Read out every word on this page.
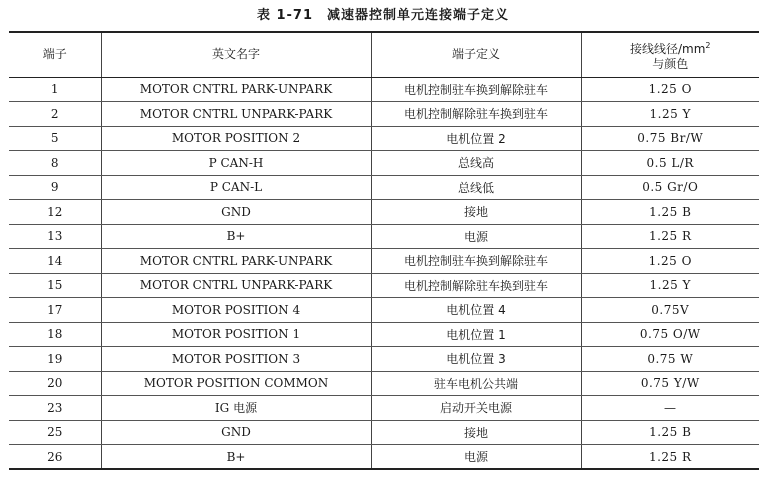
表 1-71 减速器控制单元连接端子定义
端子	英文名字	端子定义	接线线径$/mm^2$
与颜色
1	MOTOR CNTRL PARK-UNPARK	电机控制驻车换到解除驻车	1.25 O
2	MOTOR CNTRL UNPARK-PARK	电机控制解除驻车换到驻车	1.25 Y
5	MOTOR POSITION 2	电机位置 2	0.75 Br/W
8	P CAN-H	总线高	0.5 L/R
9	P CAN-L	总线低	0.5 Gr/O
12	GND	接地	1.25 B
13	B+	电源	1.25 R
14	MOTOR CNTRL PARK-UNPARK	电机控制驻车换到解除驻车	1.25 O
15	MOTOR CNTRL UNPARK-PARK	电机控制解除驻车换到驻车	1.25 Y
17	MOTOR POSITION 4	电机位置 4	0.75V
18	MOTOR POSITION 1	电机位置 1	0.75 O/W
19	MOTOR POSITION 3	电机位置 3	0.75 W
20	MOTOR POSITION COMMON	驻车电机公共端	0.75 Y/W
23	IG 电源	启动开关电源	—
25	GND	接地	1.25 B
26	B+	电源	1.25 R
